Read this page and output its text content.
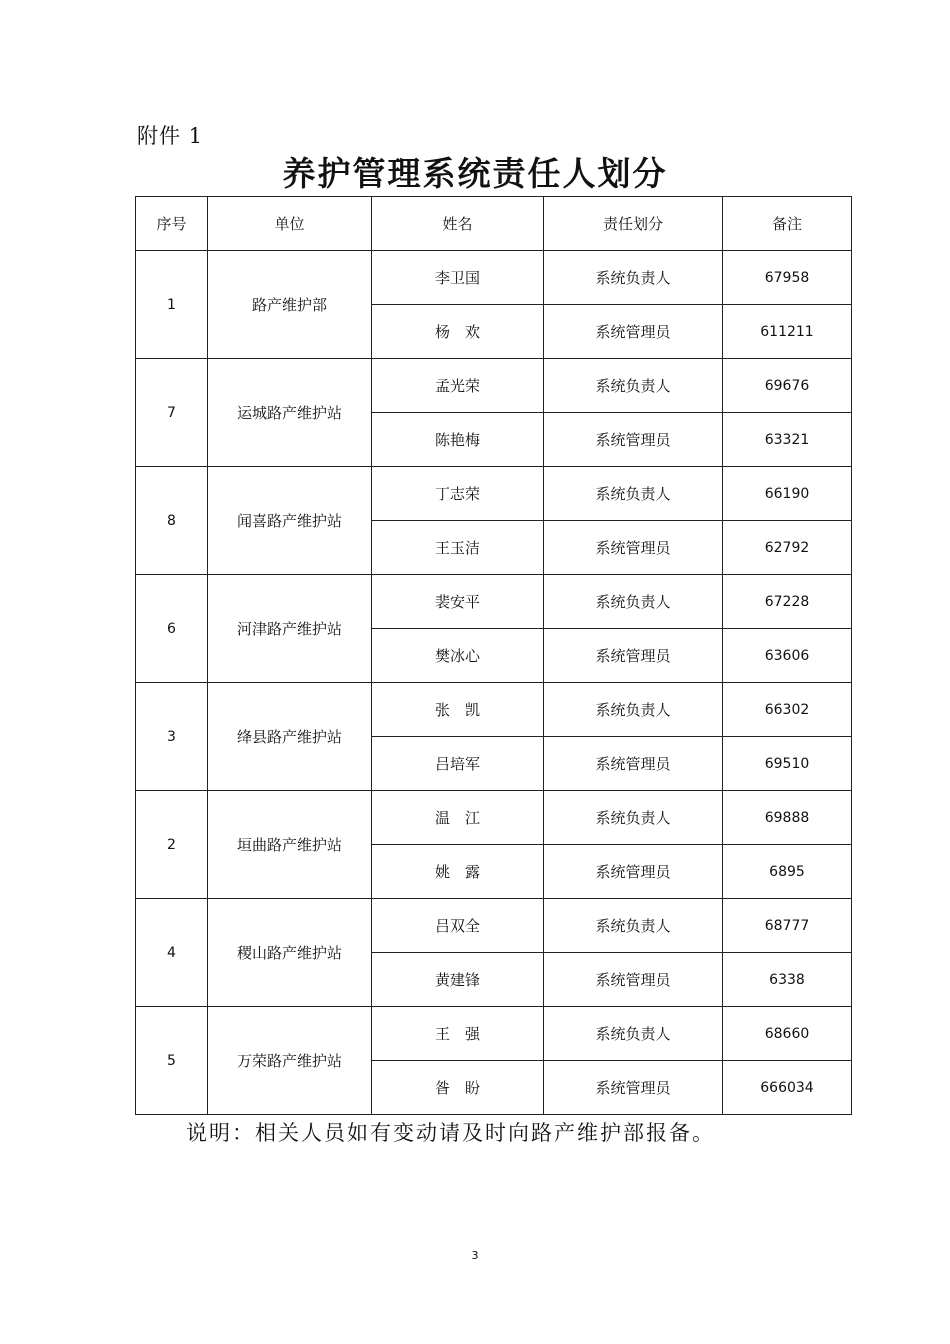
附件 1
养护管理系统责任人划分
序号	单位	姓名	责任划分	备注
1	路产维护部	李卫国	系统负责人	67958
		杨　欢	系统管理员	611211
7	运城路产维护站	孟光荣	系统负责人	69676
		陈艳梅	系统管理员	63321
8	闻喜路产维护站	丁志荣	系统负责人	66190
		王玉洁	系统管理员	62792
6	河津路产维护站	裴安平	系统负责人	67228
		樊冰心	系统管理员	63606
3	绛县路产维护站	张　凯	系统负责人	66302
		吕培军	系统管理员	69510
2	垣曲路产维护站	温　江	系统负责人	69888
		姚　露	系统管理员	6895
4	稷山路产维护站	吕双全	系统负责人	68777
		黄建锋	系统管理员	6338
5	万荣路产维护站	王　强	系统负责人	68660
		昝　盼	系统管理员	666034
说明：相关人员如有变动请及时向路产维护部报备。
3
